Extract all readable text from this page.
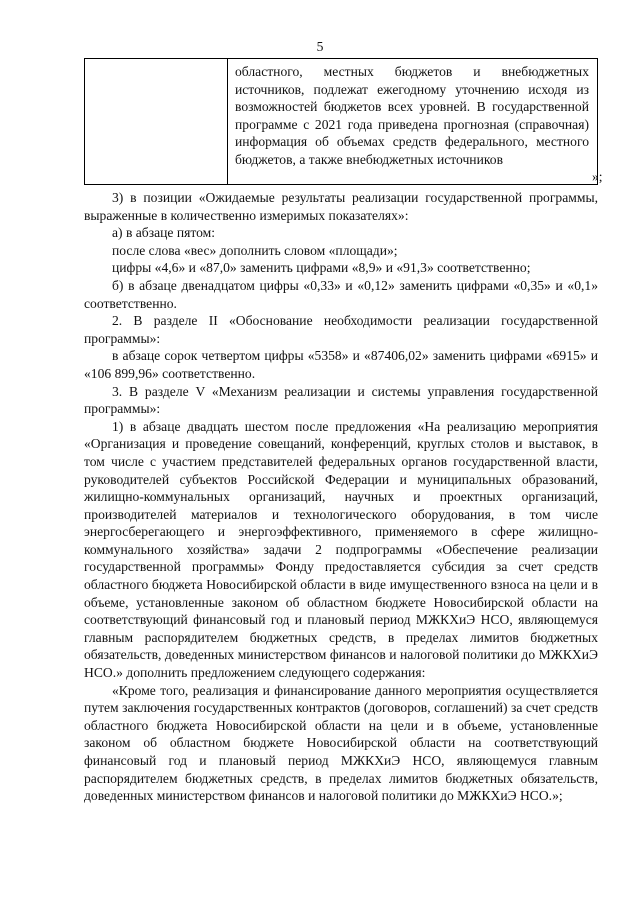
5
областного, местных бюджетов и внебюджетных источников, подлежат ежегодному уточнению исходя из возможностей бюджетов всех уровней. В государственной программе с 2021 года приведена прогнозная (справочная) информация об объемах средств федерального, местного бюджетов, а также внебюджетных источников
»;

3) в позиции «Ожидаемые результаты реализации государственной программы, выраженные в количественно измеримых показателях»:

а) в абзаце пятом:

после слова «вес» дополнить словом «площади»;

цифры «4,6» и «87,0» заменить цифрами «8,9» и «91,3» соответственно;

б) в абзаце двенадцатом цифры «0,33» и «0,12» заменить цифрами «0,35» и «0,1» соответственно.

2. В разделе II «Обоснование необходимости реализации государственной программы»:

в абзаце сорок четвертом цифры «5358» и «87406,02» заменить цифрами «6915» и «106 899,96» соответственно.

3. В разделе V «Механизм реализации и системы управления государственной программы»:

1) в абзаце двадцать шестом после предложения «На реализацию мероприятия «Организация и проведение совещаний, конференций, круглых столов и выставок, в том числе с участием представителей федеральных органов государственной власти, руководителей субъектов Российской Федерации и муниципальных образований, жилищно-коммунальных организаций, научных и проектных организаций, производителей материалов и технологического оборудования, в том числе энергосберегающего и энергоэффективного, применяемого в сфере жилищно-коммунального хозяйства» задачи 2 подпрограммы «Обеспечение реализации государственной программы» Фонду предоставляется субсидия за счет средств областного бюджета Новосибирской области в виде имущественного взноса на цели и в объеме, установленные законом об областном бюджете Новосибирской области на соответствующий финансовый год и плановый период МЖКХиЭ НСО, являющемуся главным распорядителем бюджетных средств, в пределах лимитов бюджетных обязательств, доведенных министерством финансов и налоговой политики до МЖКХиЭ НСО.» дополнить предложением следующего содержания:

«Кроме того, реализация и финансирование данного мероприятия осуществляется путем заключения государственных контрактов (договоров, соглашений) за счет средств областного бюджета Новосибирской области на цели и в объеме, установленные законом об областном бюджете Новосибирской области на соответствующий финансовый год и плановый период МЖКХиЭ НСО, являющемуся главным распорядителем бюджетных средств, в пределах лимитов бюджетных обязательств, доведенных министерством финансов и налоговой политики до МЖКХиЭ НСО.»;
